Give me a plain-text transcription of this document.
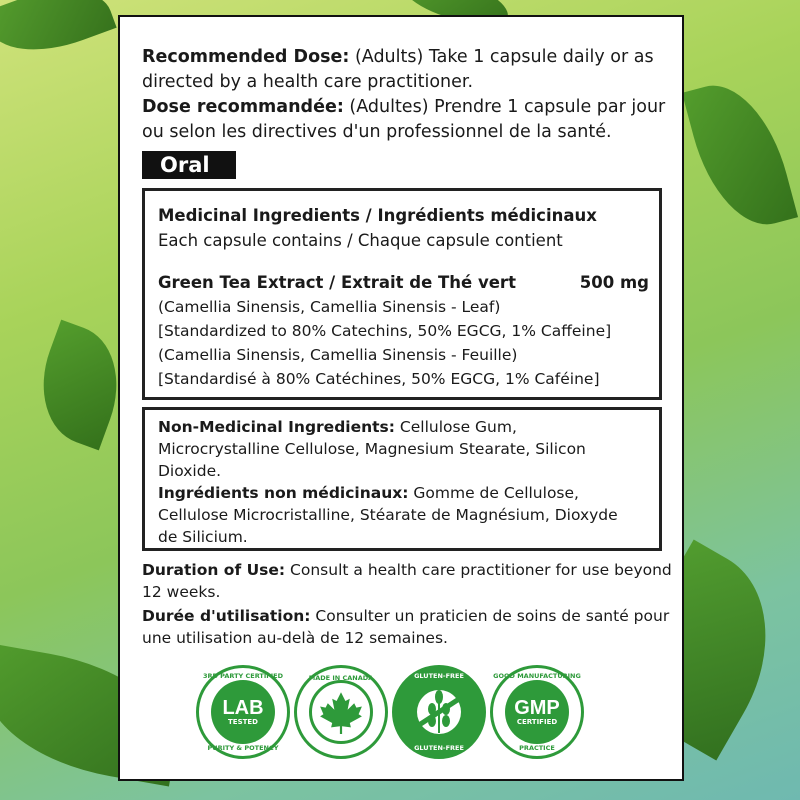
Recommended Dose: (Adults) Take 1 capsule daily or as
directed by a health care practitioner.
Dose recommandée: (Adultes) Prendre 1 capsule par jour
ou selon les directives d'un professionnel de la santé.
Oral
Medicinal Ingredients / Ingrédients médicinaux
Each capsule contains / Chaque capsule contient
Green Tea Extract / Extrait de Thé vert	500 mg
(Camellia Sinensis, Camellia Sinensis - Leaf)
[Standardized to 80% Catechins, 50% EGCG, 1% Caffeine]
(Camellia Sinensis, Camellia Sinensis - Feuille)
[Standardisé à 80% Catéchines, 50% EGCG, 1% Caféine]
Non-Medicinal Ingredients: Cellulose Gum,
Microcrystalline Cellulose, Magnesium Stearate, Silicon
Dioxide.
Ingrédients non médicinaux: Gomme de Cellulose,
Cellulose Microcristalline, Stéarate de Magnésium, Dioxyde
de Silicium.
Duration of Use: Consult a health care practitioner for use beyond
12 weeks.
Durée d'utilisation: Consulter un praticien de soins de santé pour
une utilisation au-delà de 12 semaines.
3RD PARTY CERTIFIED FOR
LAB
TESTED
PURITY & POTENCY
MADE IN CANADA	GLUTEN-FREE
GLUTEN-FREE
GOOD MANUFACTURING
GMP
CERTIFIED
PRACTICE
